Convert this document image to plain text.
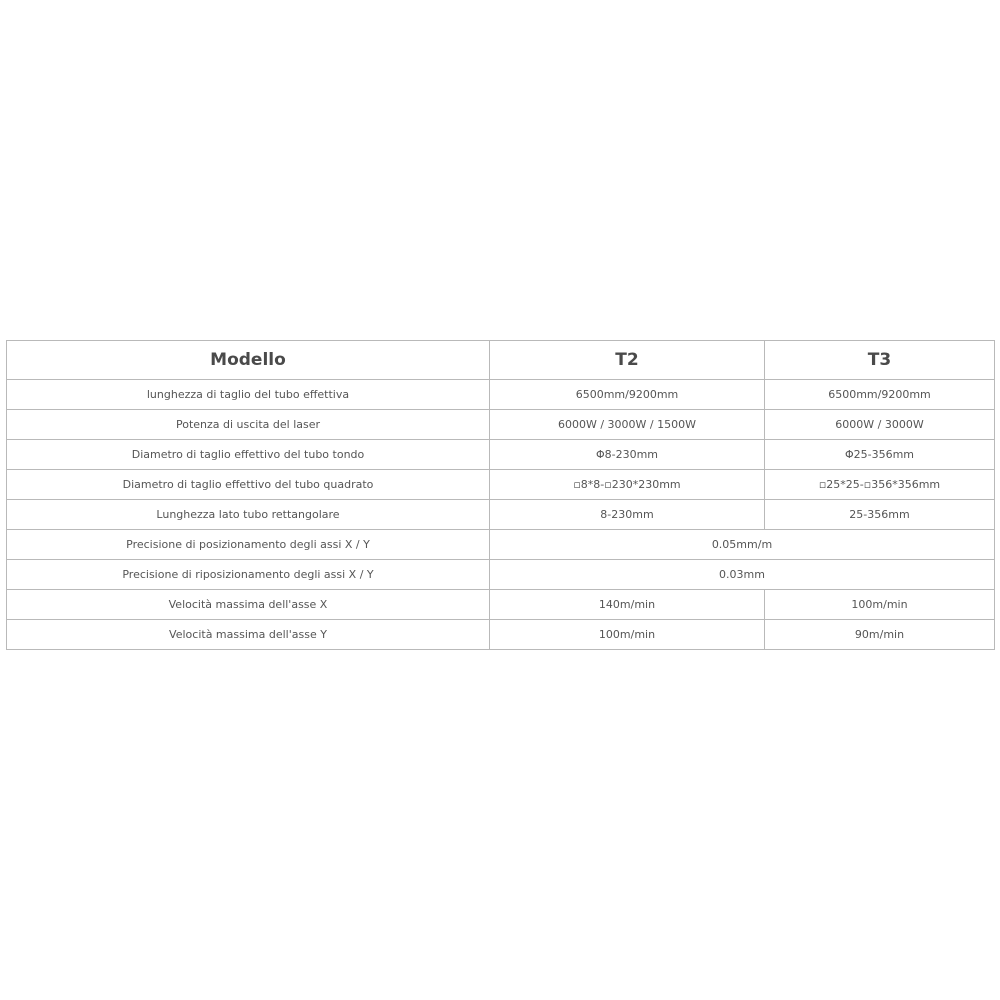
Modello	T2	T3
lunghezza di taglio del tubo effettiva	6500mm/9200mm	6500mm/9200mm
Potenza di uscita del laser	6000W / 3000W / 1500W	6000W / 3000W
Diametro di taglio effettivo del tubo tondo	Φ8-230mm	Φ25-356mm
Diametro di taglio effettivo del tubo quadrato	▫8*8-▫230*230mm	▫25*25-▫356*356mm
Lunghezza lato tubo rettangolare	8-230mm	25-356mm
Precisione di posizionamento degli assi X / Y	0.05mm/m	
Precisione di riposizionamento degli assi X / Y	0.03mm	
Velocità massima dell'asse X	140m/min	100m/min
Velocità massima dell'asse Y	100m/min	90m/min
